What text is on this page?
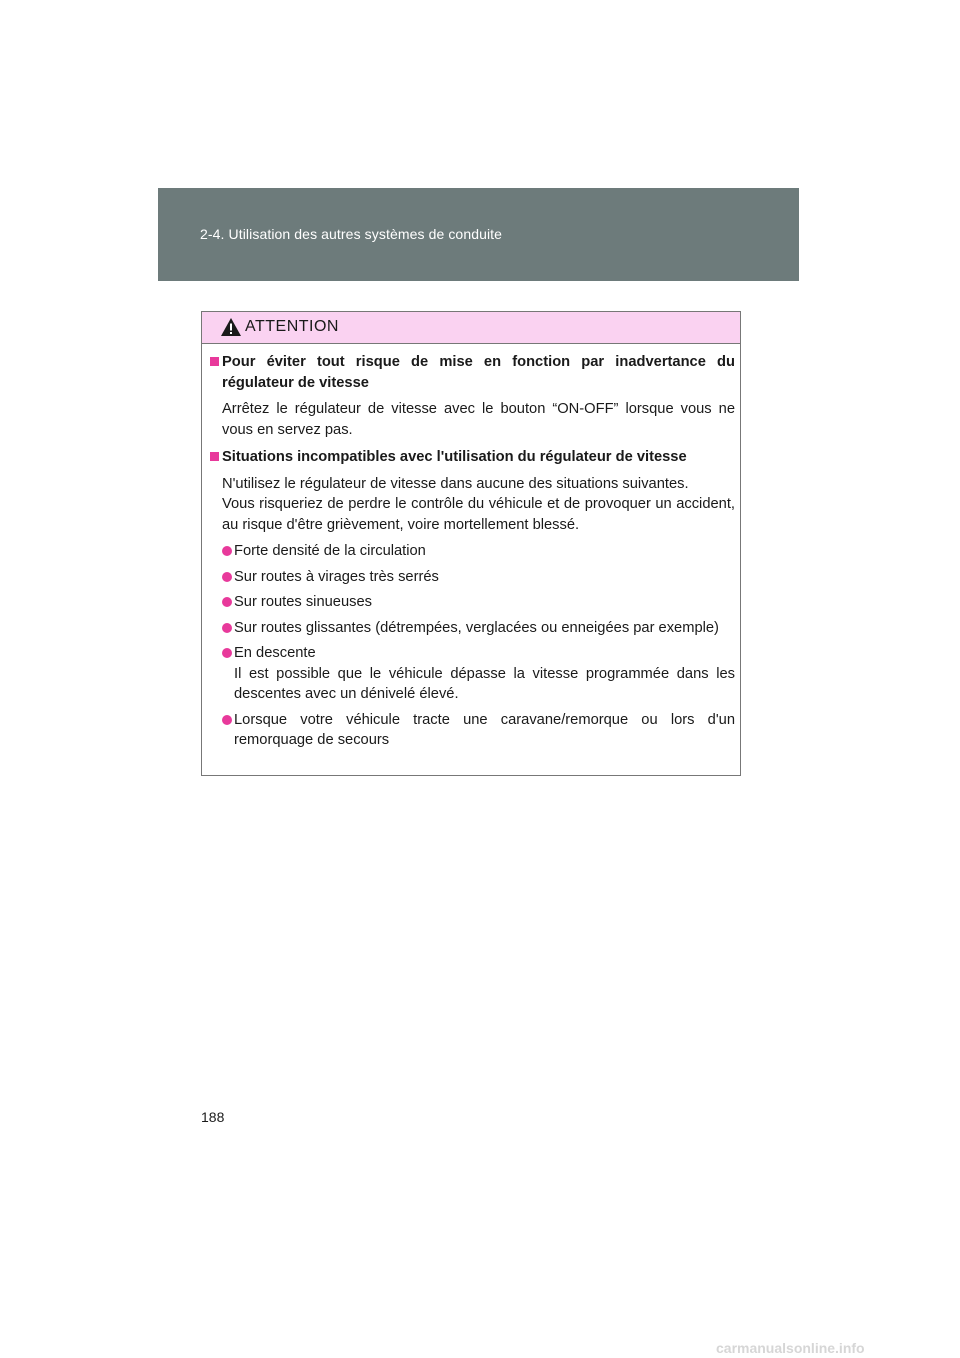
2-4. Utilisation des autres systèmes de conduite
ATTENTION
Pour éviter tout risque de mise en fonction par inadvertance du régulateur de vitesse
Arrêtez le régulateur de vitesse avec le bouton “ON-OFF” lorsque vous ne vous en servez pas.
Situations incompatibles avec l'utilisation du régulateur de vitesse
N'utilisez le régulateur de vitesse dans aucune des situations suivantes.
Vous risqueriez de perdre le contrôle du véhicule et de provoquer un accident, au risque d'être grièvement, voire mortellement blessé.
Forte densité de la circulation
Sur routes à virages très serrés
Sur routes sinueuses
Sur routes glissantes (détrempées, verglacées ou enneigées par exemple)
En descente
Il est possible que le véhicule dépasse la vitesse programmée dans les descentes avec un dénivelé élevé.
Lorsque votre véhicule tracte une caravane/remorque ou lors d'un remorquage de secours
188
carmanualsonline.info
